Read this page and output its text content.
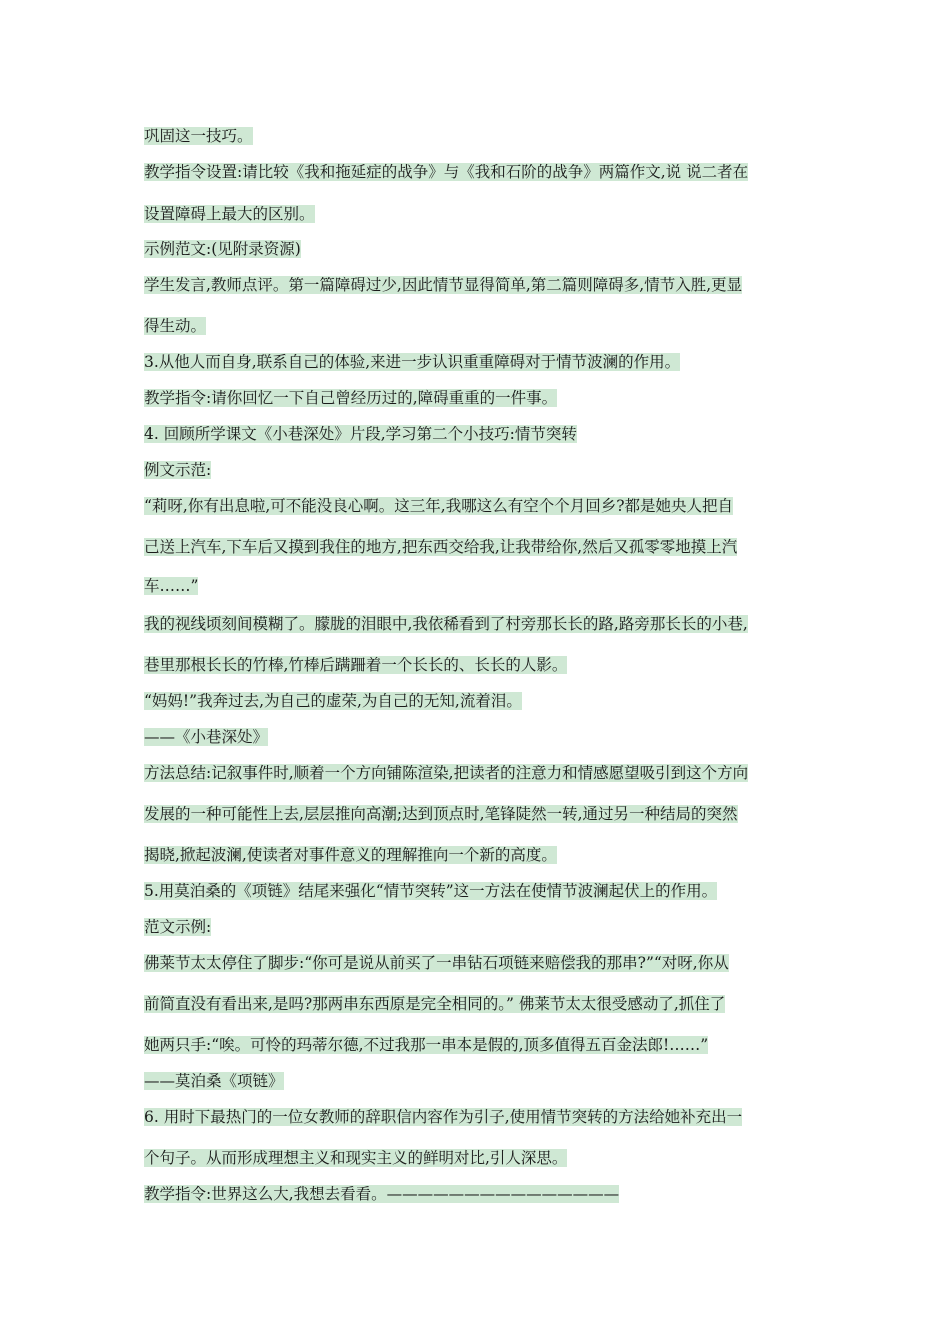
巩固这一技巧。
教学指令设置:请比较《我和拖延症的战争》与《我和石阶的战争》两篇作文,说 说二者在
设置障碍上最大的区别。
示例范文:(见附录资源)
学生发言,教师点评。第一篇障碍过少,因此情节显得简单,第二篇则障碍多,情节入胜,更显
得生动。
3.从他人而自身,联系自己的体验,来进一步认识重重障碍对于情节波澜的作用。
教学指令:请你回忆一下自己曾经历过的,障碍重重的一件事。
4. 回顾所学课文《小巷深处》片段,学习第二个小技巧:情节突转
例文示范:
“莉呀,你有出息啦,可不能没良心啊。这三年,我哪这么有空个个月回乡?都是她央人把自
己送上汽车,下车后又摸到我住的地方,把东西交给我,让我带给你,然后又孤零零地摸上汽
车……”
我的视线顷刻间模糊了。朦胧的泪眼中,我依稀看到了村旁那长长的路,路旁那长长的小巷,
巷里那根长长的竹棒,竹棒后蹒跚着一个长长的、长长的人影。
“妈妈!”我奔过去,为自己的虚荣,为自己的无知,流着泪。
——《小巷深处》
方法总结:记叙事件时,顺着一个方向铺陈渲染,把读者的注意力和情感愿望吸引到这个方向
发展的一种可能性上去,层层推向高潮;达到顶点时,笔锋陡然一转,通过另一种结局的突然
揭晓,掀起波澜,使读者对事件意义的理解推向一个新的高度。
5.用莫泊桑的《项链》结尾来强化“情节突转”这一方法在使情节波澜起伏上的作用。
范文示例:
佛莱节太太停住了脚步:“你可是说从前买了一串钻石项链来赔偿我的那串?”“对呀,你从
前简直没有看出来,是吗?那两串东西原是完全相同的。” 佛莱节太太很受感动了,抓住了
她两只手:“唉。可怜的玛蒂尔德,不过我那一串本是假的,顶多值得五百金法郎!……”
——莫泊桑《项链》
6. 用时下最热门的一位女教师的辞职信内容作为引子,使用情节突转的方法给她补充出一
个句子。从而形成理想主义和现实主义的鲜明对比,引人深思。
教学指令:世界这么大,我想去看看。———————————————
